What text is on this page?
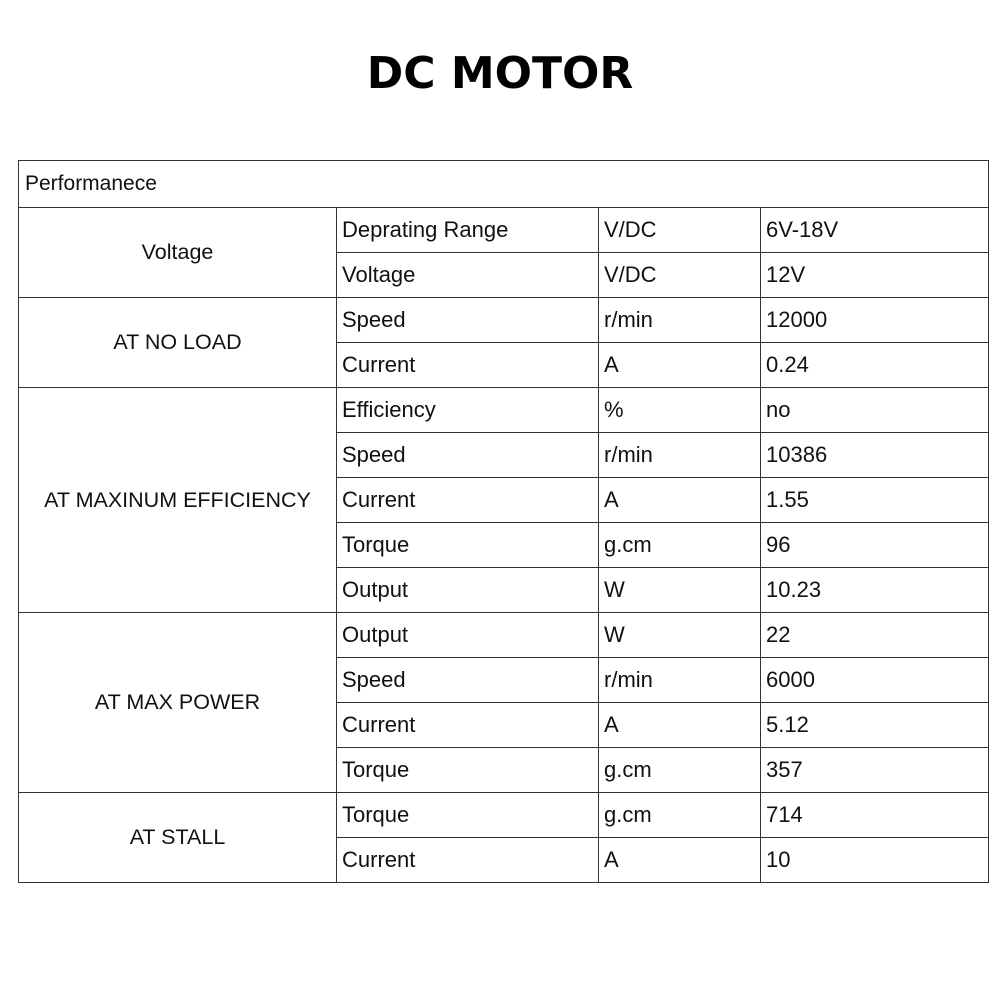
DC MOTOR
Performanece			
Voltage	Deprating Range	V/DC	6V-18V
	Voltage	V/DC	12V
AT NO LOAD	Speed	r/min	12000
	Current	A	0.24
AT MAXINUM EFFICIENCY	Efficiency	%	no
	Speed	r/min	10386
	Current	A	1.55
	Torque	g.cm	96
	Output	W	10.23
AT MAX POWER	Output	W	22
	Speed	r/min	6000
	Current	A	5.12
	Torque	g.cm	357
AT STALL	Torque	g.cm	714
	Current	A	10
